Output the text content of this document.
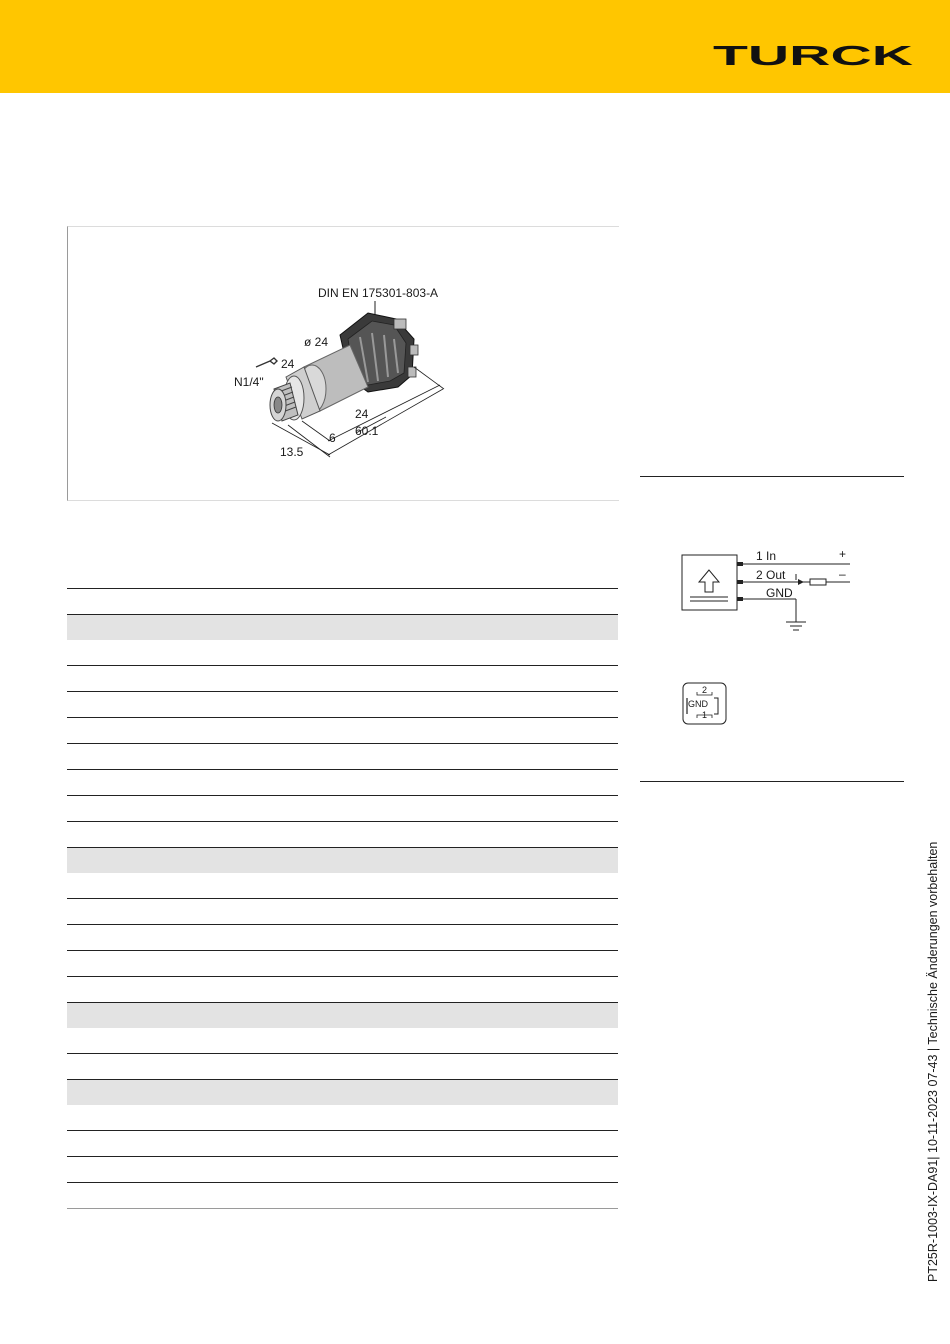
TURCK
DIN EN 175301-803-A
ø 24
24
N1/4"
24
60.1
6
13.5
1 In
2 Out
GND
+
–
2
GND
1
PT25R-1003-IX-DA91| 10-11-2023 07-43 | Technische Änderungen vorbehalten
